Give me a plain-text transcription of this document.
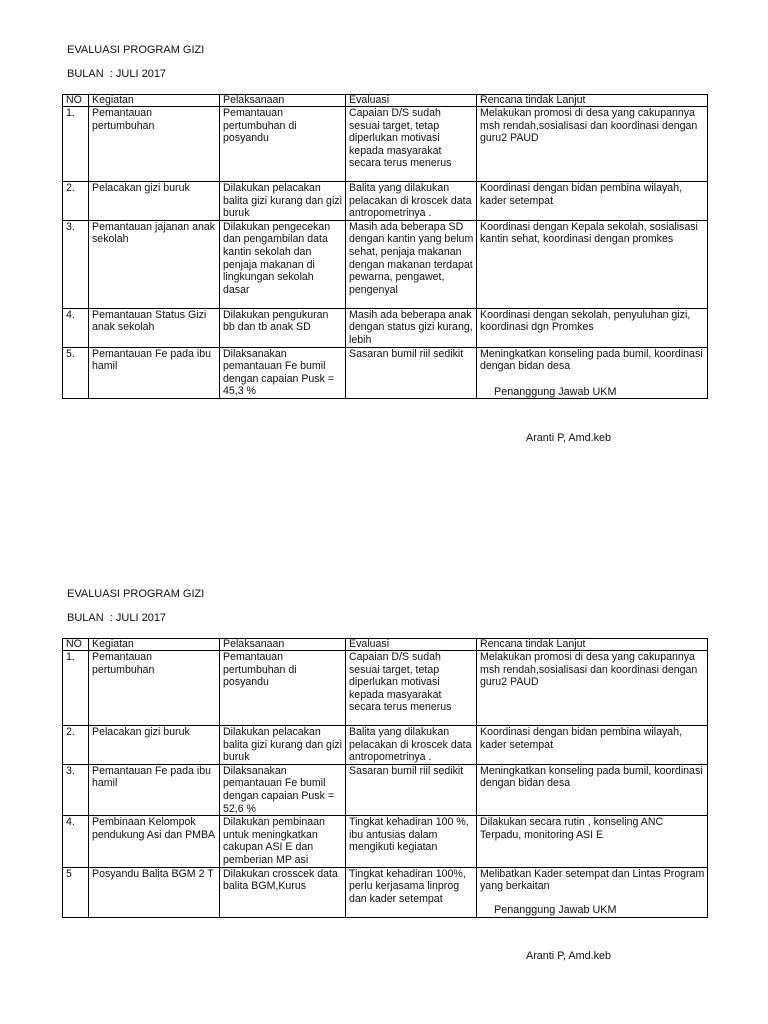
EVALUASI PROGRAM GIZI
BULAN  : JULI 2017
NO	Kegiatan	Pelaksanaan	Evaluasi	Rencana tindak Lanjut
1.	Pemantauan pertumbuhan	Pemantauan pertumbuhan di posyandu	Capaian D/S sudah sesuai target, tetap diperlukan motivasi kepada masyarakat secara terus menerus	Melakukan promosi di desa yang cakupannya msh rendah,sosialisasi dan koordinasi dengan guru2 PAUD
2.	Pelacakan gizi buruk	Dilakukan pelacakan balita gizi kurang dan gizi buruk	Balita yang dilakukan pelacakan di kroscek data antropometrinya .	Koordinasi dengan bidan pembina wilayah, kader setempat
3.	Pemantauan jajanan anak sekolah	Dilakukan pengecekan dan pengambilan data kantin sekolah dan penjaja makanan di lingkungan sekolah dasar	Masih ada beberapa SD dengan kantin yang belum sehat, penjaja makanan dengan makanan terdapat pewarna, pengawet, pengenyal	Koordinasi dengan Kepala sekolah, sosialisasi kantin sehat, koordinasi dengan promkes
4.	Pemantauan Status Gizi anak sekolah	Dilakukan pengukuran bb dan tb anak SD	Masih ada beberapa anak dengan status gizi kurang, lebih	Koordinasi dengan sekolah, penyuluhan gizi, koordinasi dgn Promkes
5.	Pemantauan Fe pada ibu hamil	Dilaksanakan pemantauan Fe bumil dengan capaian Pusk = 45,3 %	Sasaran bumil riil sedikit	Meningkatkan konseling pada bumil, koordinasi dengan bidan desa
Penanggung Jawab UKM
Aranti P, Amd.keb
EVALUASI PROGRAM GIZI
BULAN  : JULI 2017
NO	Kegiatan	Pelaksanaan	Evaluasi	Rencana tindak Lanjut
1.	Pemantauan pertumbuhan	Pemantauan pertumbuhan di posyandu	Capaian D/S sudah sesuai target, tetap diperlukan motivasi kepada masyarakat secara terus menerus	Melakukan promosi di desa yang cakupannya msh rendah,sosialisasi dan koordinasi dengan guru2 PAUD
2.	Pelacakan gizi buruk	Dilakukan pelacakan balita gizi kurang dan gizi buruk	Balita yang dilakukan pelacakan di kroscek data antropometrinya .	Koordinasi dengan bidan pembina wilayah, kader setempat
3.	Pemantauan Fe pada ibu hamil	Dilaksanakan pemantauan Fe bumil dengan capaian Pusk = 52,6 %	Sasaran bumil riil sedikit	Meningkatkan konseling pada bumil, koordinasi dengan bidan desa
4.	Pembinaan Kelompok pendukung Asi dan PMBA	Dilakukan pembinaan untuk meningkatkan cakupan ASI E dan pemberian MP asi	Tingkat kehadiran 100 %, ibu antusias dalam mengikuti kegiatan	Dilakukan secara rutin , konseling ANC Terpadu, monitoring ASI E
5	Posyandu Balita BGM 2 T	Dilakukan crosscek data balita BGM,Kurus	Tingkat kehadiran 100%, perlu kerjasama linprog dan kader setempat	Melibatkan Kader setempat dan Lintas Program yang berkaitan
Penanggung Jawab UKM
Aranti P, Amd.keb
